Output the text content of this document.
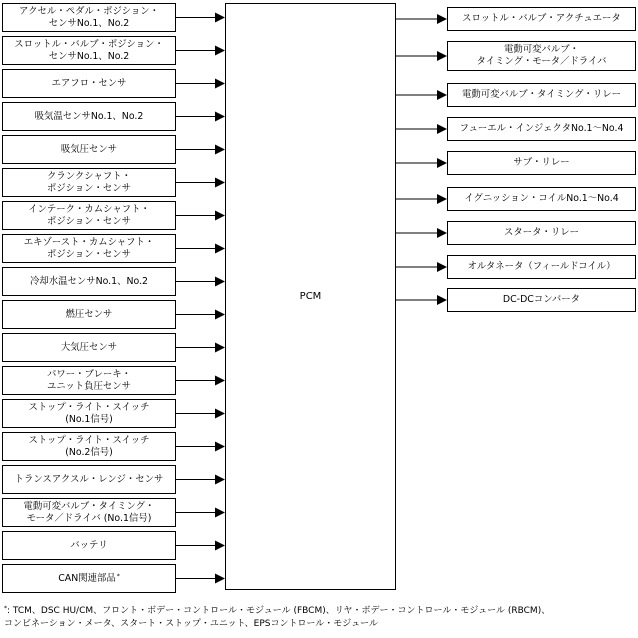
PCM
アクセル・ペダル・ポジション・
センサNo.1、No.2
スロットル・バルブ・ポジション・
センサNo.1、No.2
エアフロ・センサ
吸気温センサNo.1、No.2
吸気圧センサ
クランクシャフト・
ポジション・センサ
インテーク・カムシャフト・
ポジション・センサ
エキゾースト・カムシャフト・
ポジション・センサ
冷却水温センサNo.1、No.2
燃圧センサ
大気圧センサ
パワー・ブレーキ・
ユニット負圧センサ
ストップ・ライト・スイッチ
(No.1信号)
ストップ・ライト・スイッチ
(No.2信号)
トランスアクスル・レンジ・センサ
電動可変バルブ・タイミング・
モータ／ドライバ (No.1信号)
バッテリ
CAN関連部品 *
スロットル・バルブ・アクチュエータ
電動可変バルブ・
タイミング・モータ／ドライバ
電動可変バルブ・タイミング・リレー
フューエル・インジェクタNo.1～No.4
サブ・リレー
イグニッション・コイルNo.1～No.4
スタータ・リレー
オルタネータ（フィールドコイル）
DC-DCコンバータ
*: TCM、DSC HU/CM、フロント・ボデー・コントロール・モジュール (FBCM)、リヤ・ボデー・コントロール・モジュール (RBCM)、
コンビネーション・メータ、スタート・ストップ・ユニット、EPSコントロール・モジュール
